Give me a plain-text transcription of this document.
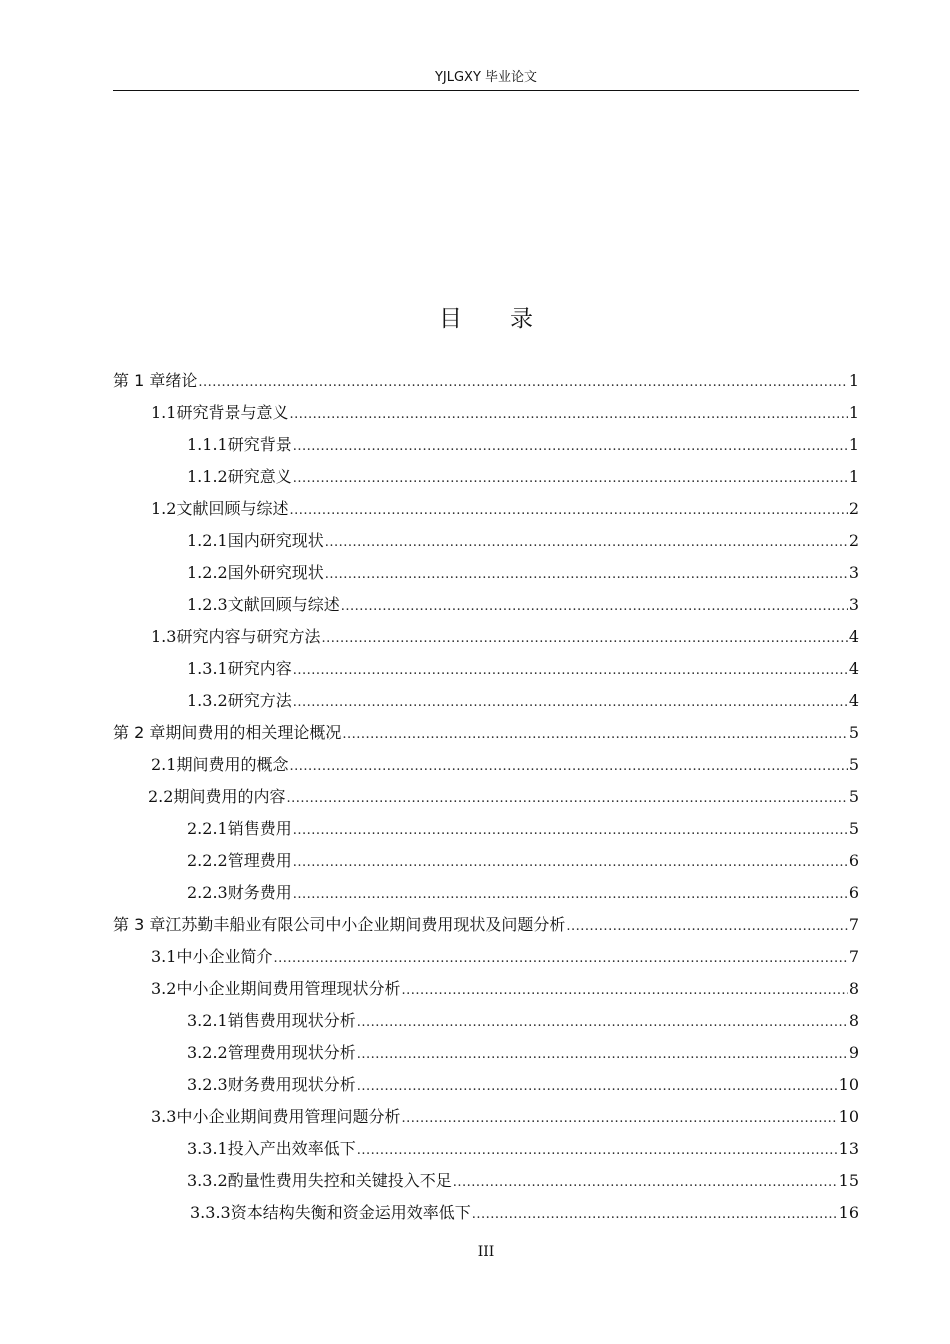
YJLGXY 毕业论文
目 录
第 1 章 绪论 .....	1
1.1 研究背景与意义 .....	1
1.1.1 研究背景 .....	1
1.1.2 研究意义 .....	1
1.2 文献回顾与综述 .....	2
1.2.1 国内研究现状 .....	2
1.2.2 国外研究现状 .....	3
1.2.3 文献回顾与综述 .....	3
1.3 研究内容与研究方法 .....	4
1.3.1 研究内容 .....	4
1.3.2 研究方法 .....	4
第 2 章 期间费用的相关理论概况 .....	5
2.1 期间费用的概念 .....	5
2.2 期间费用的内容 .....	5
2.2.1 销售费用 .....	5
2.2.2 管理费用 .....	6
2.2.3 财务费用 .....	6
第 3 章 江苏勤丰船业有限公司中小企业期间费用现状及问题分析 .....	7
3.1 中小企业简介 .....	7
3.2 中小企业期间费用管理现状分析 .....	8
3.2.1 销售费用现状分析 .....	8
3.2.2 管理费用现状分析 .....	9
3.2.3 财务费用现状分析 .....	10
3.3 中小企业期间费用管理问题分析 .....	10
3.3.1 投入产出效率低下 .....	13
3.3.2 酌量性费用失控和关键投入不足 .....	15
3.3.3 资本结构失衡和资金运用效率低下 .....	16
III
